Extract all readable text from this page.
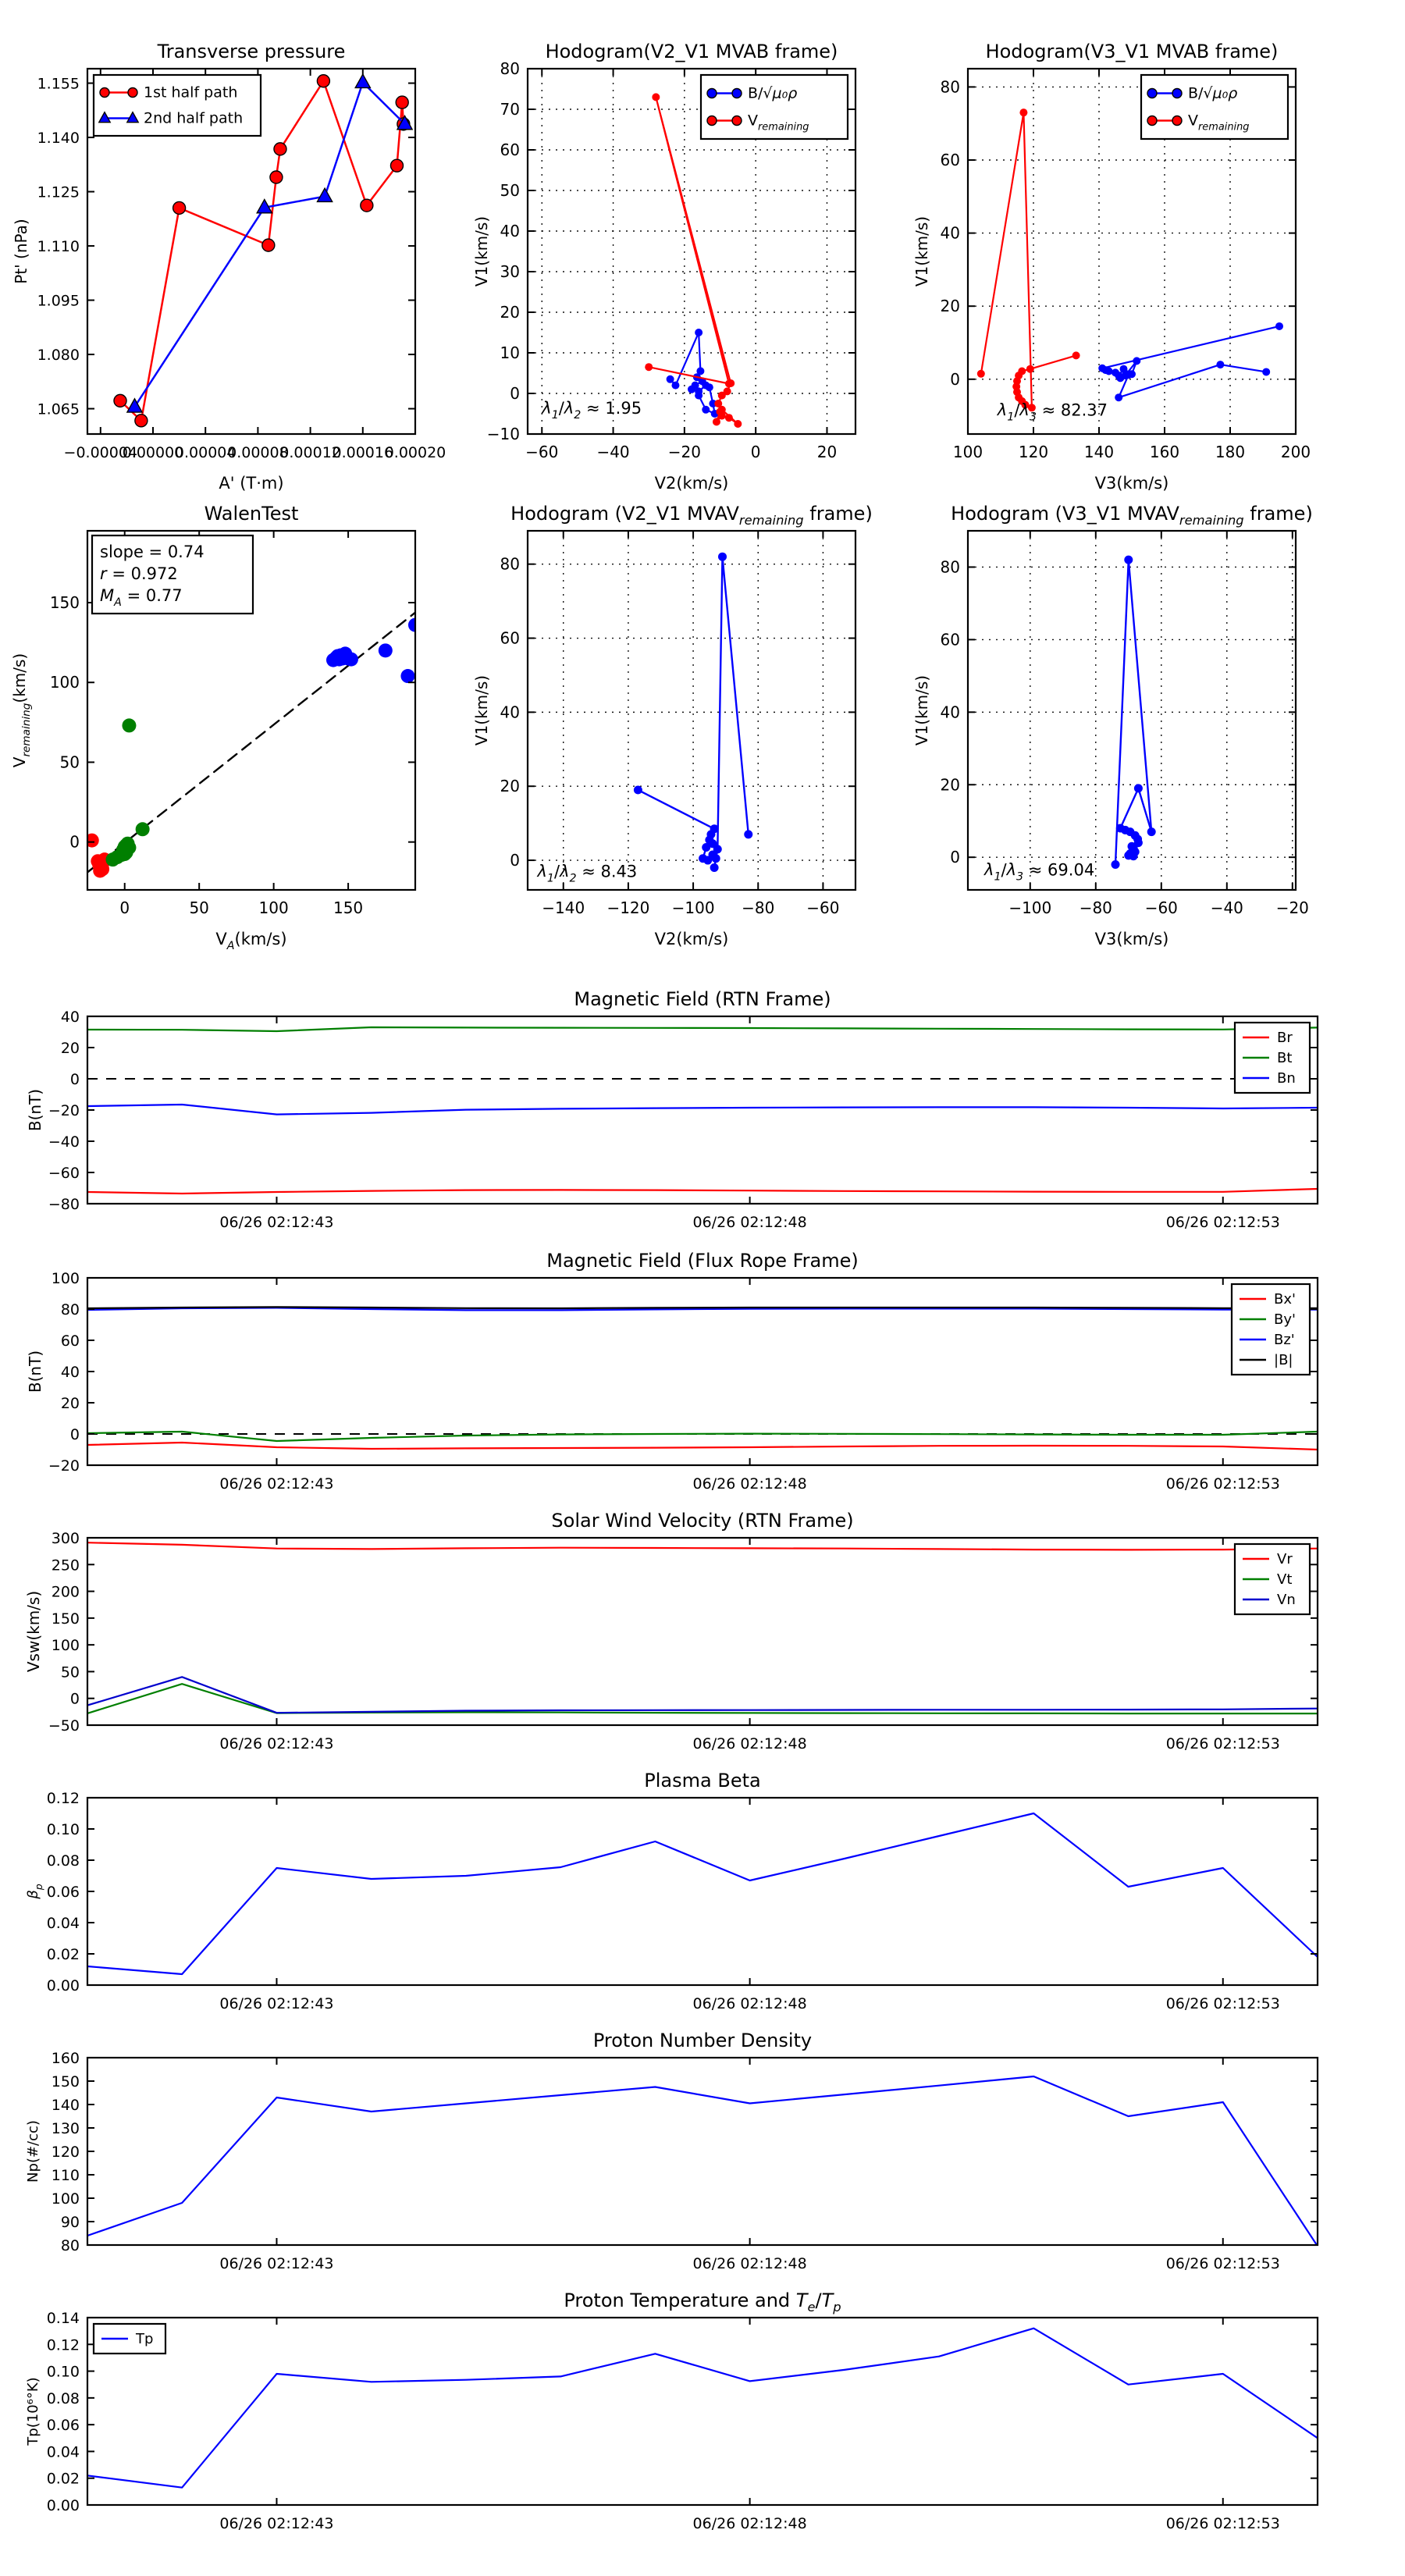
−0.00004
0.00000
0.00004
0.00008
0.00012
0.00016
0.00020
1.065
1.080
1.095
1.110
1.125
1.140
1.155
Transverse pressure
A' (T·m)
Pt' (nPa)
1st half path
2nd half path
−60 −40 −20	0	20
−10
0
10
20
30
40
50
60
70
80
Hodogram(V2_V1 MVAB frame)
V2(km/s)
V1(km/s)
B/√μ₀ρ
$V_{remaining}$
$\lambda_1/\lambda_2 \approx 1.95$
100 120 140 160 180 200
0
20
40
60
80
Hodogram(V3_V1 MVAB frame)
V3(km/s)
V1(km/s)
B/√μ₀ρ
$V_{remaining}$
$\lambda_1/\lambda_3 \approx 82.37$
0	50	100	150
0
50
100
150
WalenTest
$V_A(km/s)$
$V_{remaining}(km/s)$
slope = 0.74
r = 0.972
$M_A = 0.77$
−140 −120 −100 −80 −60
0
20
40
60
80
Hodogram (V2_V1 $MVAV_{remaining}$ frame)
V2(km/s)
V1(km/s)
$\lambda_1/\lambda_2 \approx 8.43$
−100 −80 −60 −40 −20
0
20
40
60
80
Hodogram (V3_V1 $MVAV_{remaining}$ frame)
V3(km/s)
V1(km/s)
$\lambda_1/\lambda_3 \approx 69.04$
06/26 02:12:43	06/26 02:12:48	06/26 02:12:53
−80
−60
−40
−20
0
20
40
Magnetic Field (RTN Frame)
B(nT)
Br
Bt
Bn
06/26 02:12:43	06/26 02:12:48	06/26 02:12:53
−20
0
20
40
60
80
100
Magnetic Field (Flux Rope Frame)
B(nT)
Bx'
By'
Bz'
|B|
06/26 02:12:43	06/26 02:12:48	06/26 02:12:53
−50
0
50
100
150
200
250
300
Solar Wind Velocity (RTN Frame)
Vsw(km/s)
Vr
Vt
Vn
06/26 02:12:43	06/26 02:12:48	06/26 02:12:53
0.00
0.02
0.04
0.06
0.08
0.10
0.12
Plasma Beta
$\beta_p$
06/26 02:12:43	06/26 02:12:48	06/26 02:12:53
80
90
100
110
120
130
140
150
160
Proton Number Density
Np(#/cc)
06/26 02:12:43	06/26 02:12:48	06/26 02:12:53
0.00
0.02
0.04
0.06
0.08
0.10
0.12
0.14
Proton Temperature and $T_e/T_p$
Tp(10⁶°K)
Tp
